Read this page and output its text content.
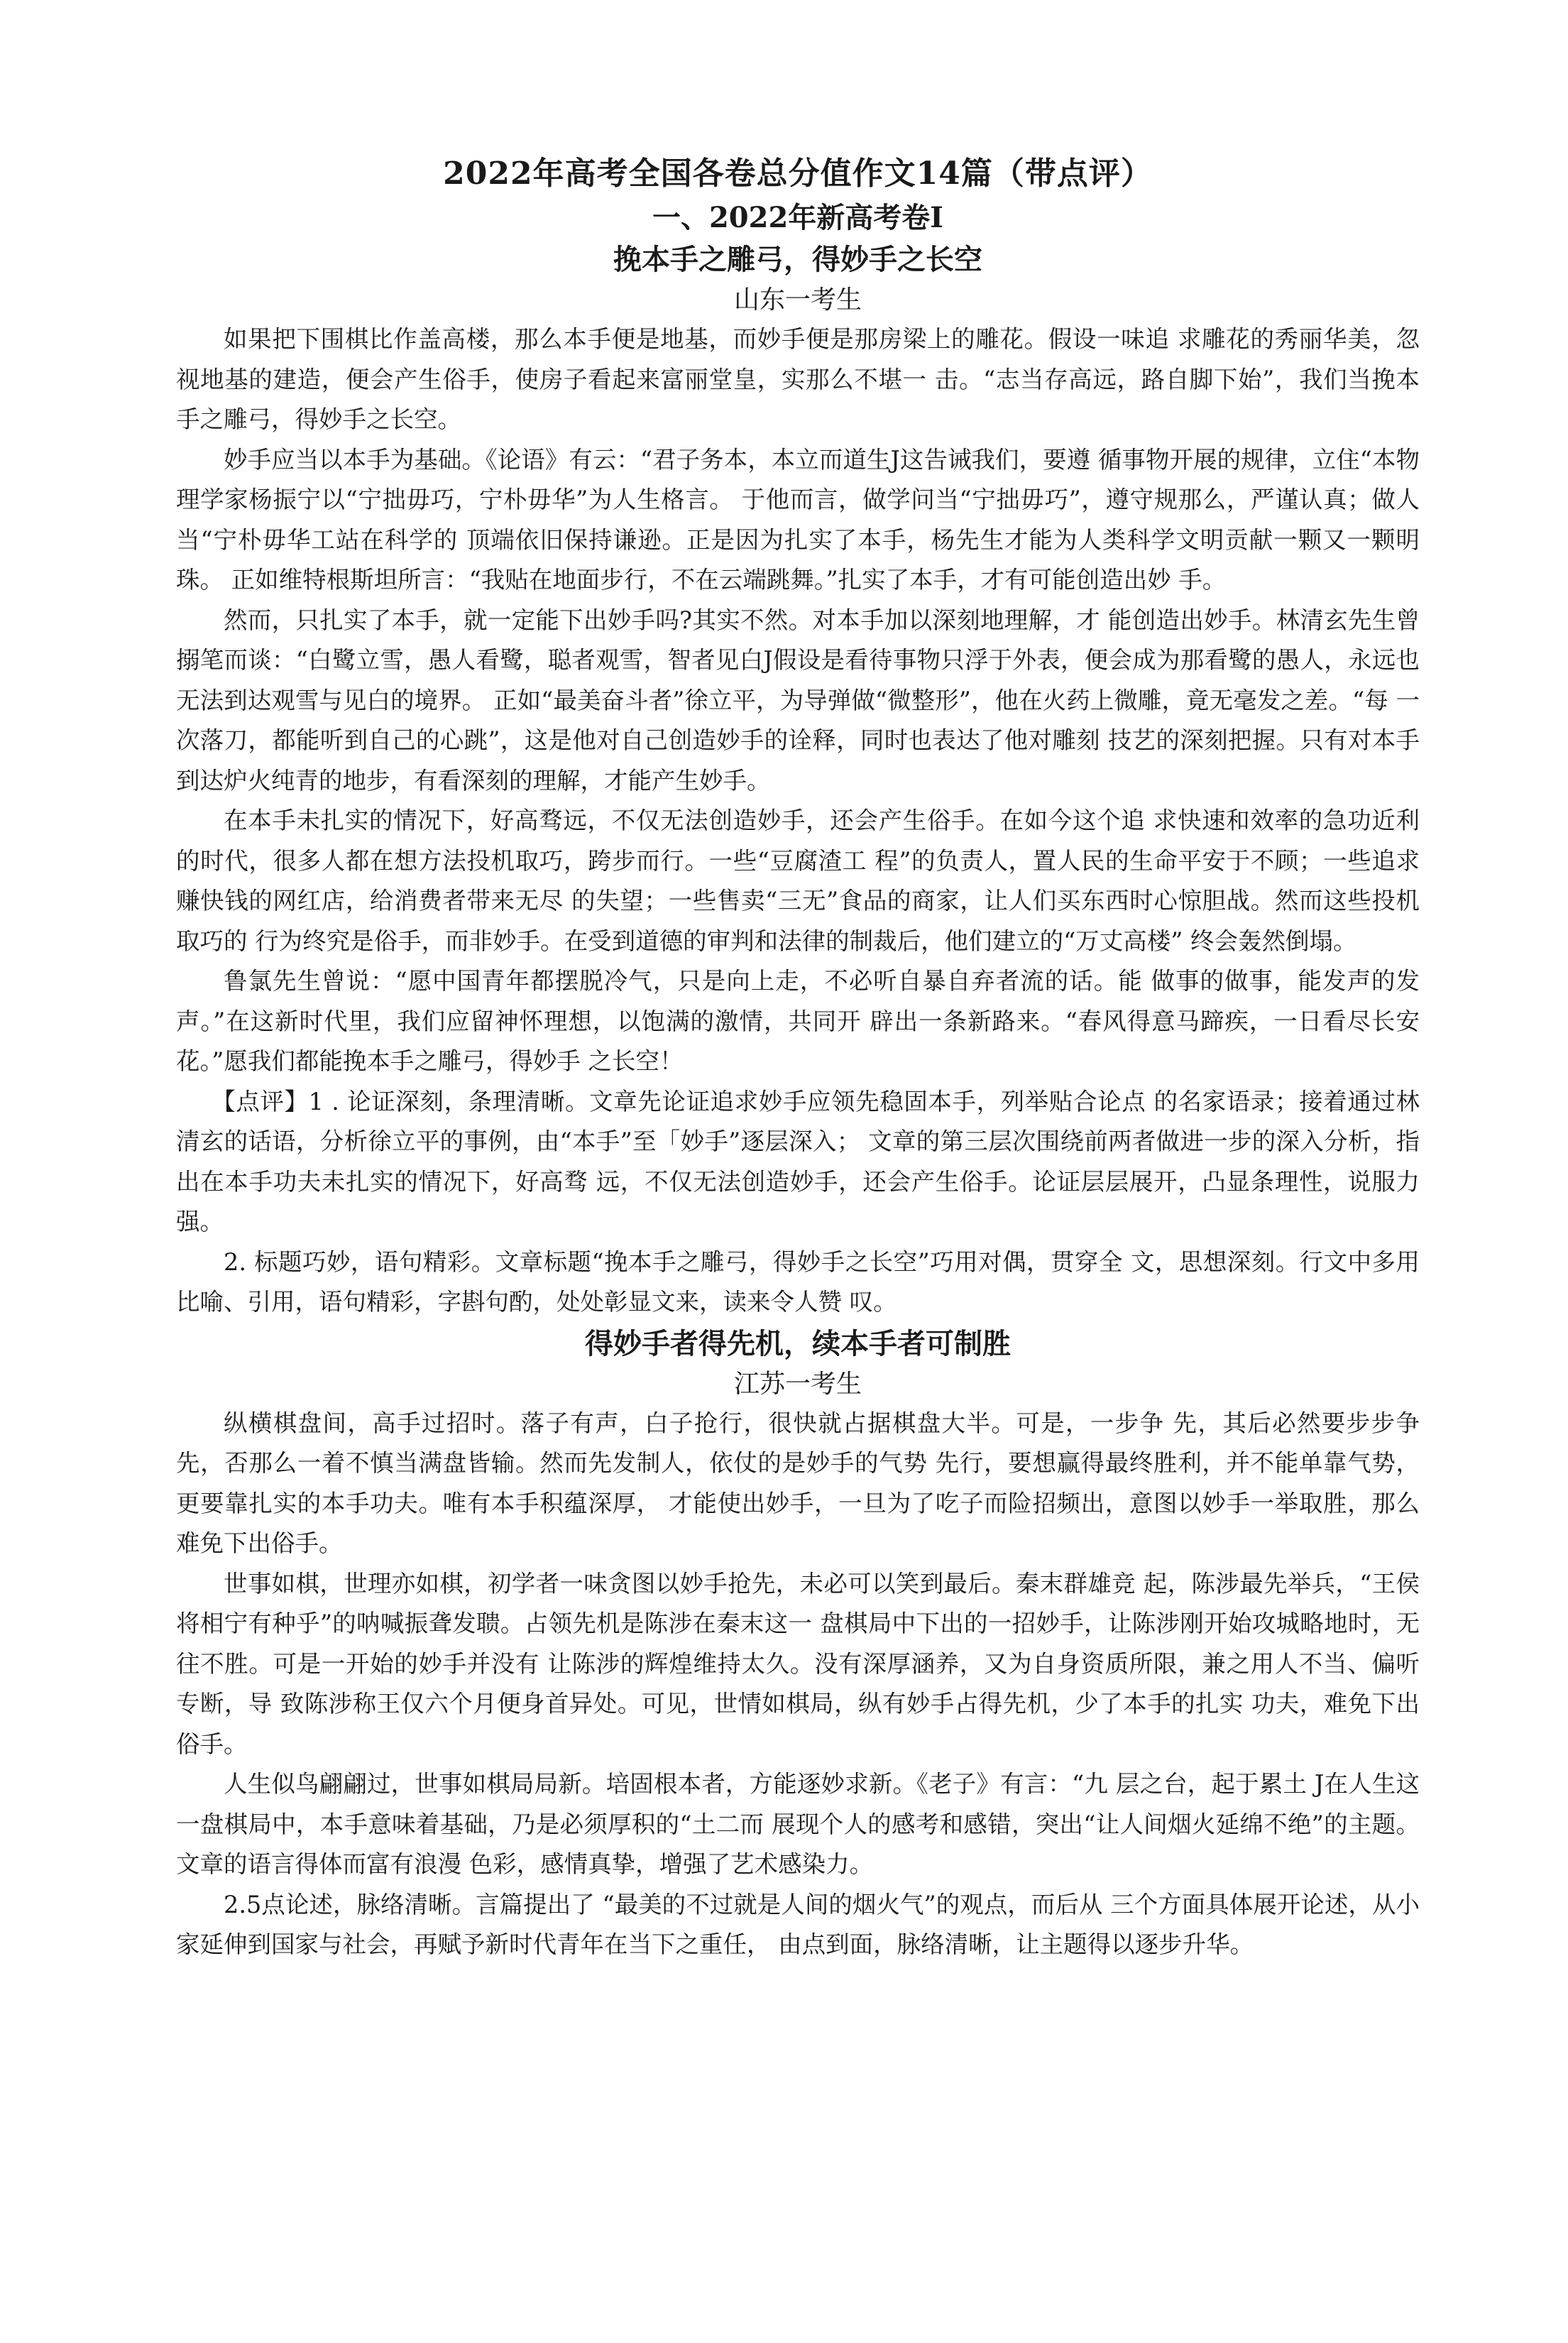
2022年高考全国各卷总分值作文14篇（带点评）
一、2022年新高考卷I
挽本手之雕弓，得妙手之长空
山东一考生

如果把下围棋比作盖高楼，那么本手便是地基，而妙手便是那房梁上的雕花。假设一味追 求雕花的秀丽华美，忽视地基的建造，便会产生俗手，使房子看起来富丽堂皇，实那么不堪一 击。“志当存高远，路自脚下始”，我们当挽本手之雕弓，得妙手之长空。

妙手应当以本手为基础。《论语》有云：“君子务本，本立而道生J这告诫我们，要遵 循事物开展的规律，立住“本物理学家杨振宁以“宁拙毋巧，宁朴毋华”为人生格言。 于他而言，做学问当“宁拙毋巧”，遵守规那么，严谨认真；做人当“宁朴毋华工站在科学的 顶端依旧保持谦逊。正是因为扎实了本手，杨先生才能为人类科学文明贡献一颗又一颗明珠。 正如维特根斯坦所言：“我贴在地面步行，不在云端跳舞。”扎实了本手，才有可能创造出妙 手。

然而，只扎实了本手，就一定能下出妙手吗?其实不然。对本手加以深刻地理解，才 能创造出妙手。林清玄先生曾搦笔而谈：“白鹭立雪，愚人看鹭，聪者观雪，智者见白J假设是看待事物只浮于外表，便会成为那看鹭的愚人，永远也无法到达观雪与见白的境界。 正如“最美奋斗者”徐立平，为导弹做“微整形”，他在火药上微雕，竟无毫发之差。“每 一次落刀，都能听到自己的心跳”，这是他对自己创造妙手的诠释，同时也表达了他对雕刻 技艺的深刻把握。只有对本手到达炉火纯青的地步，有看深刻的理解，才能产生妙手。

在本手未扎实的情况下，好高骛远，不仅无法创造妙手，还会产生俗手。在如今这个追 求快速和效率的急功近利的时代，很多人都在想方法投机取巧，跨步而行。一些“豆腐渣工 程”的负责人，置人民的生命平安于不顾；一些追求赚快钱的网红店，给消费者带来无尽 的失望；一些售卖“三无”食品的商家，让人们买东西时心惊胆战。然而这些投机取巧的 行为终究是俗手，而非妙手。在受到道德的审判和法律的制裁后，他们建立的“万丈高楼” 终会轰然倒塌。

鲁氯先生曾说：“愿中国青年都摆脱冷气，只是向上走，不必听自暴自弃者流的话。能 做事的做事，能发声的发声。”在这新时代里，我们应留神怀理想，以饱满的激情，共同开 辟出一条新路来。“春风得意马蹄疾，一日看尽长安花。”愿我们都能挽本手之雕弓，得妙手 之长空！

【点评】1 . 论证深刻，条理清晰。文章先论证追求妙手应领先稳固本手，列举贴合论点 的名家语录；接着通过林清玄的话语，分析徐立平的事例，由“本手”至「妙手”逐层深入； 文章的第三层次围绕前两者做进一步的深入分析，指出在本手功夫未扎实的情况下，好高骛 远，不仅无法创造妙手，还会产生俗手。论证层层展开，凸显条理性，说服力强。

2. 标题巧妙，语句精彩。文章标题“挽本手之雕弓，得妙手之长空”巧用对偶，贯穿全 文，思想深刻。行文中多用比喻、引用，语句精彩，字斟句酌，处处彰显文来，读来令人赞 叹。

得妙手者得先机，续本手者可制胜
江苏一考生

纵横棋盘间，高手过招时。落子有声，白子抢行，很快就占据棋盘大半。可是，一步争 先，其后必然要步步争先，否那么一着不慎当满盘皆输。然而先发制人，依仗的是妙手的气势 先行，要想赢得最终胜利，并不能单靠气势，更要靠扎实的本手功夫。唯有本手积蕴深厚， 才能使出妙手，一旦为了吃子而险招频出，意图以妙手一举取胜，那么难免下出俗手。

世事如棋，世理亦如棋，初学者一味贪图以妙手抢先，未必可以笑到最后。秦末群雄竞 起，陈涉最先举兵，“王侯将相宁有种乎”的呐喊振聋发聩。占领先机是陈涉在秦末这一 盘棋局中下出的一招妙手，让陈涉刚开始攻城略地时，无往不胜。可是一开始的妙手并没有 让陈涉的辉煌维持太久。没有深厚涵养，又为自身资质所限，兼之用人不当、偏听专断，导 致陈涉称王仅六个月便身首异处。可见，世情如棋局，纵有妙手占得先机，少了本手的扎实 功夫，难免下出俗手。

人生似鸟翩翩过，世事如棋局局新。培固根本者，方能逐妙求新。《老子》有言：“九 层之台，起于累土 J在人生这一盘棋局中，本手意味着基础，乃是必须厚积的“土二而 展现个人的感考和感错，突出“让人间烟火延绵不绝”的主题。文章的语言得体而富有浪漫 色彩，感情真挚，增强了艺术感染力。

2.5点论述，脉络清晰。言篇提出了 “最美的不过就是人间的烟火气”的观点，而后从 三个方面具体展开论述，从小家延伸到国家与社会，再赋予新时代青年在当下之重任， 由点到面，脉络清晰，让主题得以逐步升华。
